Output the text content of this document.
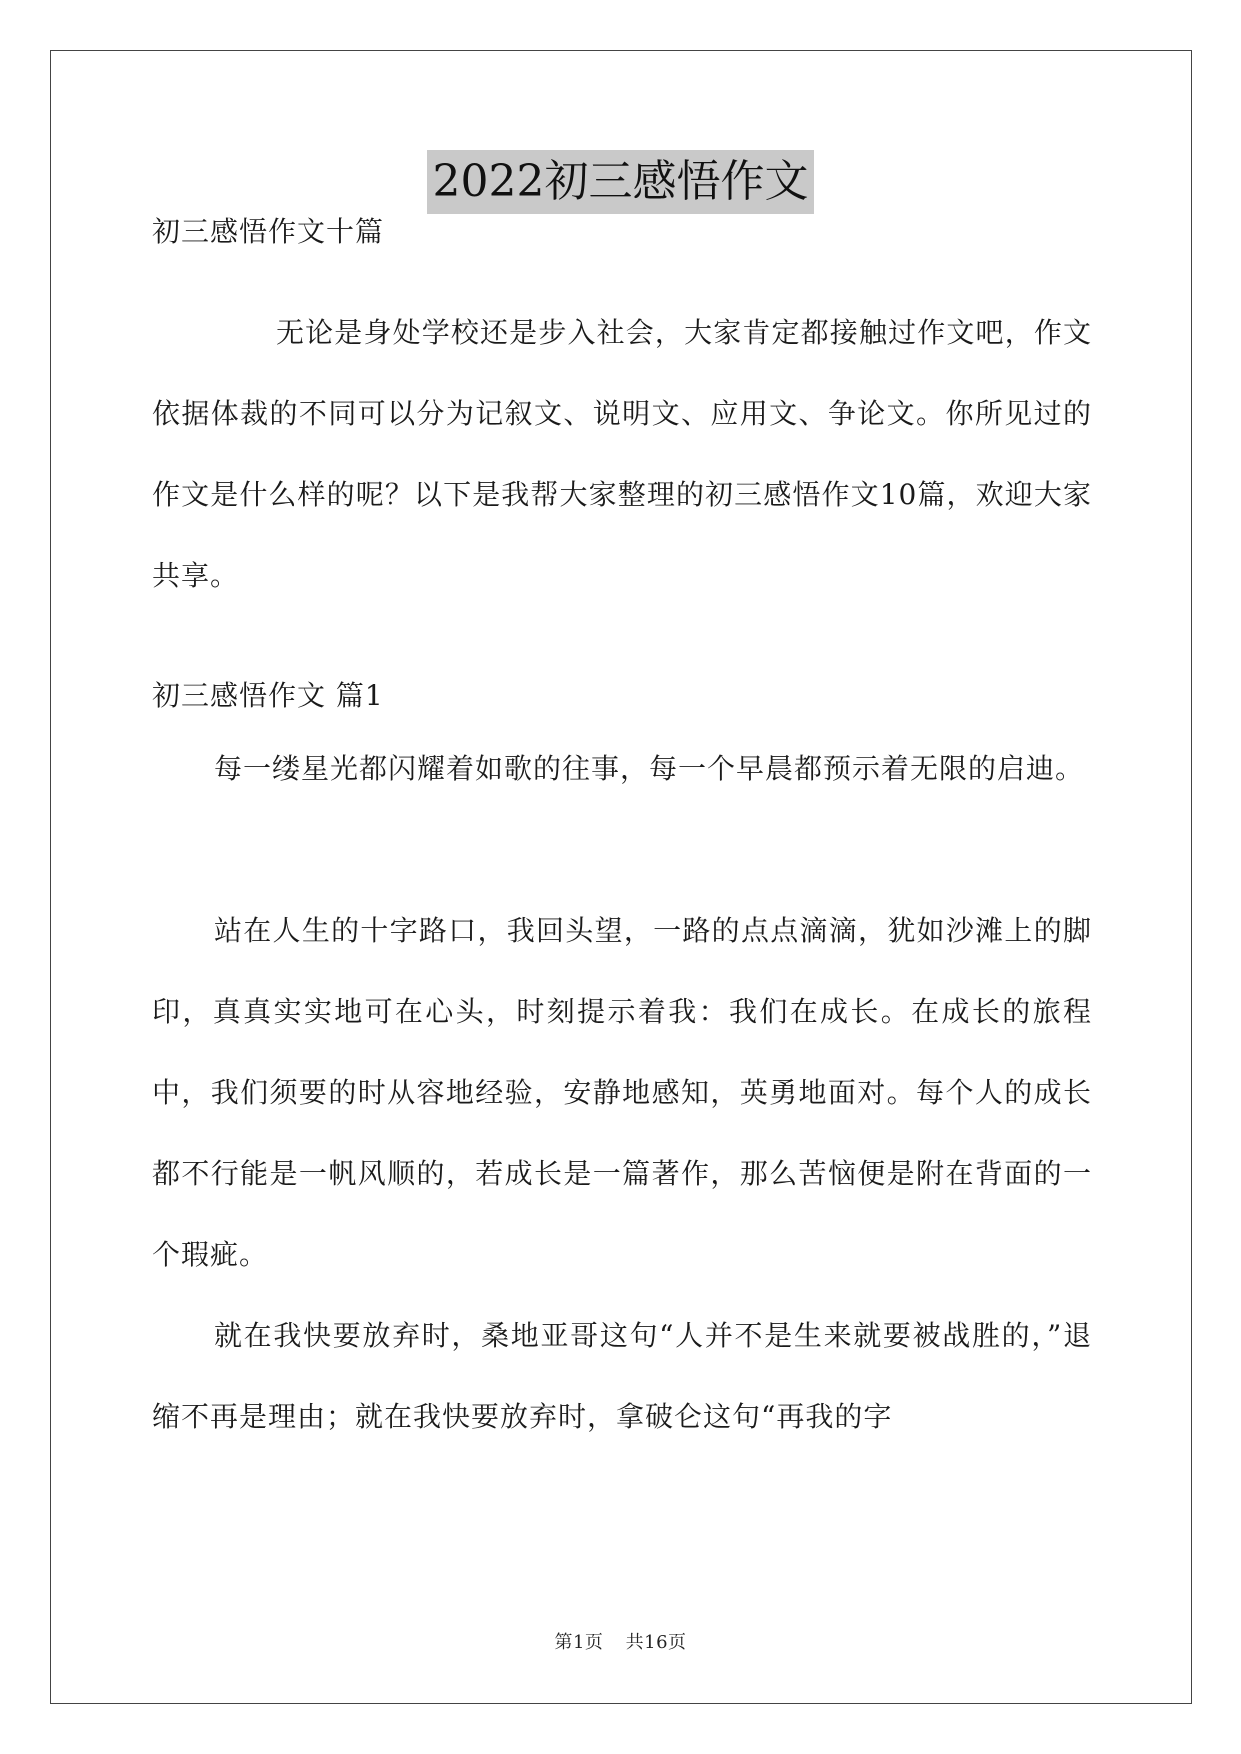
2022初三感悟作文

初三感悟作文十篇

无论是身处学校还是步入社会，大家肯定都接触过作文吧，作文依据体裁的不同可以分为记叙文、说明文、应用文、争论文。你所见过的作文是什么样的呢？以下是我帮大家整理的初三感悟作文10篇，欢迎大家共享。

初三感悟作文 篇1

每一缕星光都闪耀着如歌的往事，每一个早晨都预示着无限的启迪。

站在人生的十字路口，我回头望，一路的点点滴滴，犹如沙滩上的脚印，真真实实地可在心头，时刻提示着我：我们在成长。在成长的旅程中，我们须要的时从容地经验，安静地感知，英勇地面对。每个人的成长都不行能是一帆风顺的，若成长是一篇著作，那么苦恼便是附在背面的一个瑕疵。

就在我快要放弃时，桑地亚哥这句“人并不是生来就要被战胜的，”退缩不再是理由；就在我快要放弃时，拿破仑这句“再我的字

第1页 共16页
